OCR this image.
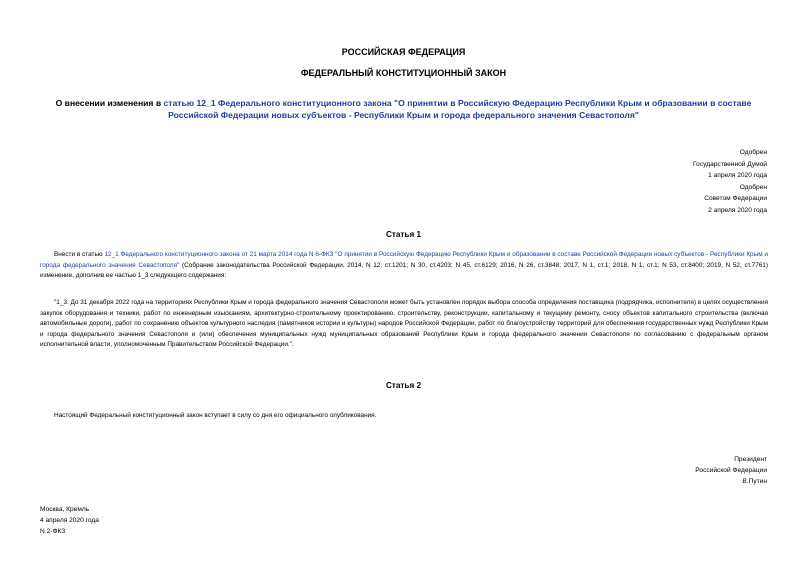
РОССИЙСКАЯ ФЕДЕРАЦИЯ
ФЕДЕРАЛЬНЫЙ КОНСТИТУЦИОННЫЙ ЗАКОН
О внесении изменения в статью 12_1 Федерального конституционного закона "О принятии в Российскую Федерацию Республики Крым и образовании в составе Российской Федерации новых субъектов - Республики Крым и города федерального значения Севастополя"
Одобрен
Государственной Думой
1 апреля 2020 года
Одобрен
Советом Федерации
2 апреля 2020 года
Статья 1
Внести в статью 12_1 Федерального конституционного закона от 21 марта 2014 года N 6-ФКЗ "О принятии в Российскую Федерацию Республики Крым и образовании в составе Российской Федерации новых субъектов - Республики Крым и города федерального значения Севастополя" (Собрание законодательства Российской Федерации, 2014, N 12, ст.1201; N 30, ст.4203; N 45, ст.6129; 2016, N 26, ст.3848; 2017, N 1, ст.1; 2018, N 1, ст.1; N 53, ст.8400; 2019, N 52, ст.7761) изменение, дополнив ее частью 1_3 следующего содержания:
"1_3. До 31 декабря 2022 года на территориях Республики Крым и города федерального значения Севастополя может быть установлен порядок выбора способа определения поставщика (подрядчика, исполнителя) в целях осуществления закупок оборудования и техники, работ по инженерным изысканиям, архитектурно-строительному проектированию, строительству, реконструкции, капитальному и текущему ремонту, сносу объектов капитального строительства (включая автомобильные дороги), работ по сохранению объектов культурного наследия (памятников истории и культуры) народов Российской Федерации, работ по благоустройству территорий для обеспечения государственных нужд Республики Крым и города федерального значения Севастополя и (или) обеспечения муниципальных нужд муниципальных образований Республики Крым и города федерального значения Севастополя по согласованию с федеральным органом исполнительной власти, уполномоченным Правительством Российской Федерации.".
Статья 2
Настоящий Федеральный конституционный закон вступает в силу со дня его официального опубликования.
Президент
Российской Федерации
В.Путин
Москва, Кремль
4 апреля 2020 года
N 2-ФКЗ
